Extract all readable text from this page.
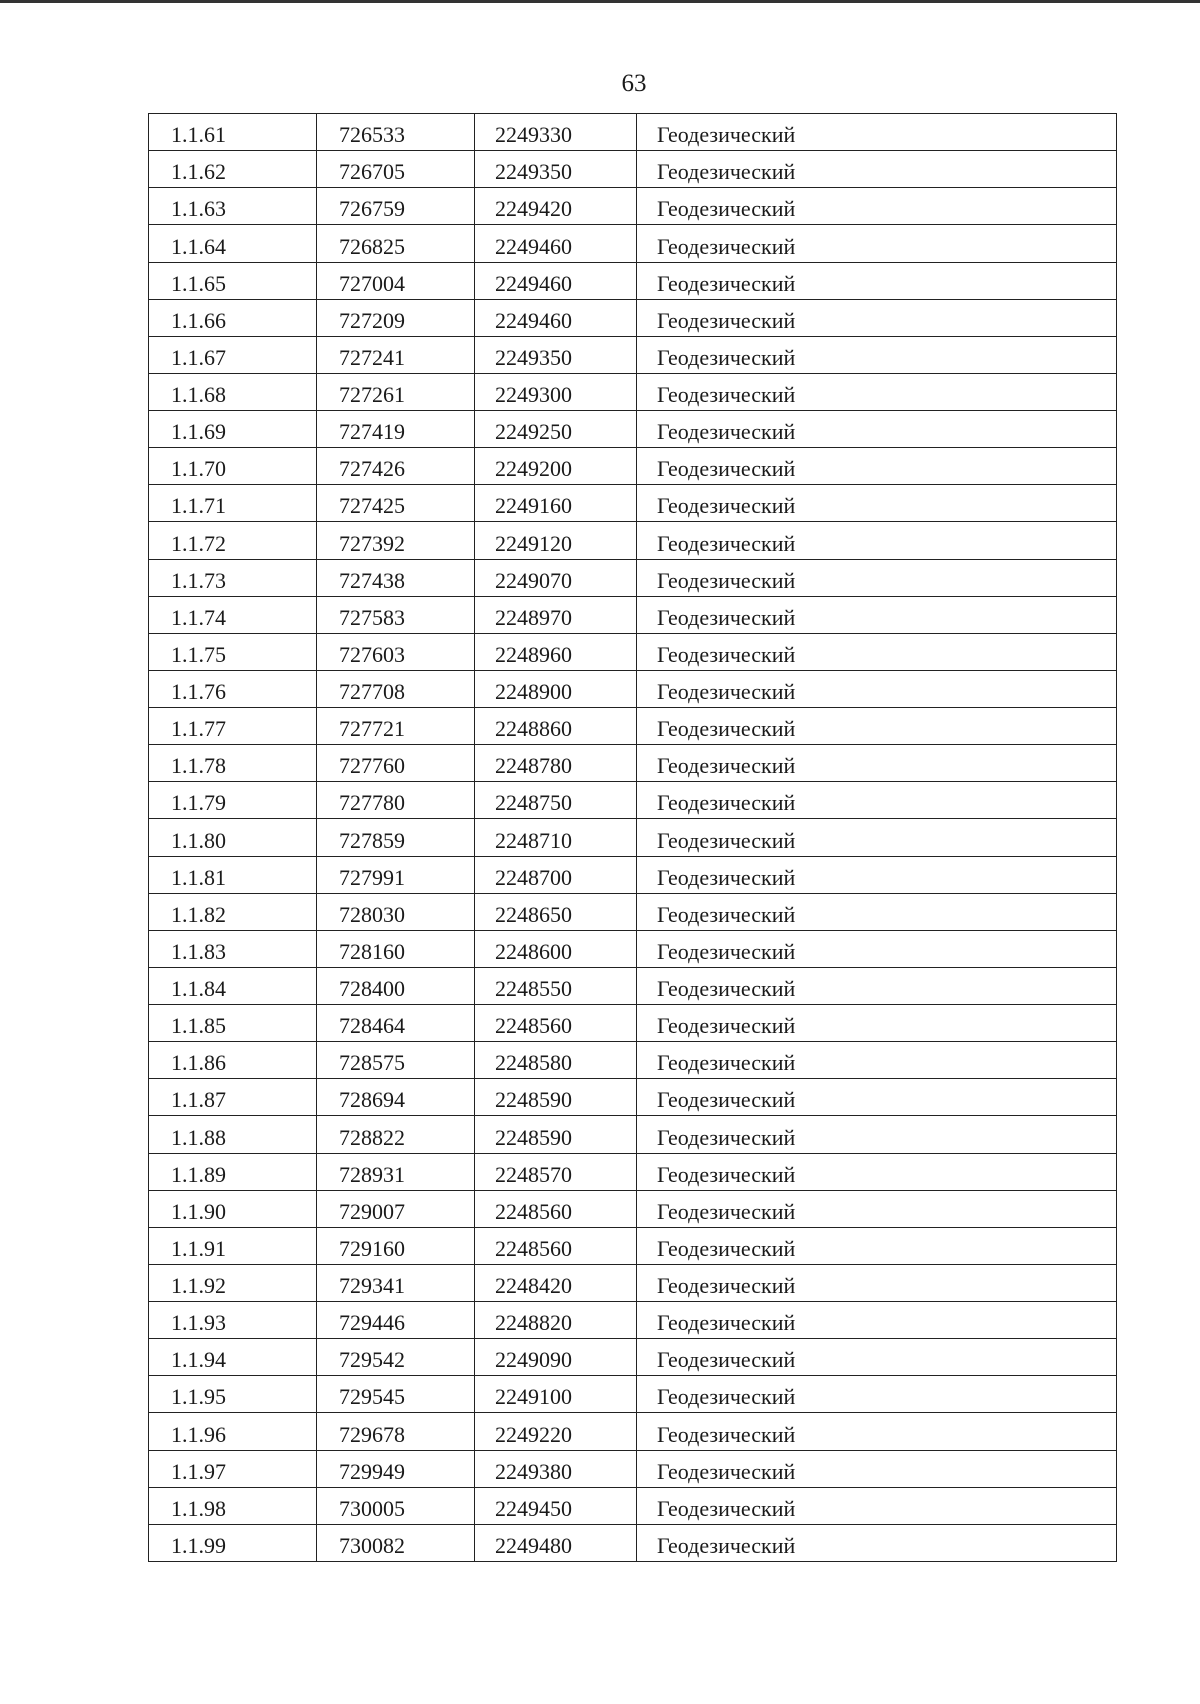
63
1.1.61	726533	2249330	Геодезический
1.1.62	726705	2249350	Геодезический
1.1.63	726759	2249420	Геодезический
1.1.64	726825	2249460	Геодезический
1.1.65	727004	2249460	Геодезический
1.1.66	727209	2249460	Геодезический
1.1.67	727241	2249350	Геодезический
1.1.68	727261	2249300	Геодезический
1.1.69	727419	2249250	Геодезический
1.1.70	727426	2249200	Геодезический
1.1.71	727425	2249160	Геодезический
1.1.72	727392	2249120	Геодезический
1.1.73	727438	2249070	Геодезический
1.1.74	727583	2248970	Геодезический
1.1.75	727603	2248960	Геодезический
1.1.76	727708	2248900	Геодезический
1.1.77	727721	2248860	Геодезический
1.1.78	727760	2248780	Геодезический
1.1.79	727780	2248750	Геодезический
1.1.80	727859	2248710	Геодезический
1.1.81	727991	2248700	Геодезический
1.1.82	728030	2248650	Геодезический
1.1.83	728160	2248600	Геодезический
1.1.84	728400	2248550	Геодезический
1.1.85	728464	2248560	Геодезический
1.1.86	728575	2248580	Геодезический
1.1.87	728694	2248590	Геодезический
1.1.88	728822	2248590	Геодезический
1.1.89	728931	2248570	Геодезический
1.1.90	729007	2248560	Геодезический
1.1.91	729160	2248560	Геодезический
1.1.92	729341	2248420	Геодезический
1.1.93	729446	2248820	Геодезический
1.1.94	729542	2249090	Геодезический
1.1.95	729545	2249100	Геодезический
1.1.96	729678	2249220	Геодезический
1.1.97	729949	2249380	Геодезический
1.1.98	730005	2249450	Геодезический
1.1.99	730082	2249480	Геодезический
